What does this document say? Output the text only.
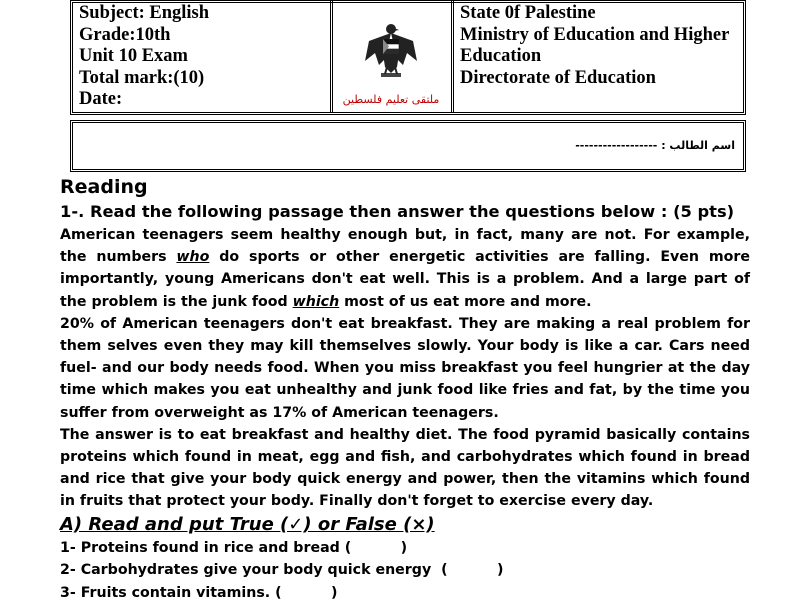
Subject: English
Grade:10th
Unit 10 Exam
Total mark:(10)
Date:	ملتقى تعليم فلسطين
State 0f Palestine
Ministry of Education and Higher
Education
Directorate of Education
اسم الطالب : ------------------
Reading
1-. Read the following passage then answer the questions below : (5 pts)
American teenagers seem healthy enough but, in fact, many are not. For example, the numbers who do sports or other energetic activities are falling. Even more importantly, young Americans don't eat well. This is a problem. And a large part of the problem is the junk food which most of us eat more and more.
20% of American teenagers don't eat breakfast. They are making a real problem for them selves even they may kill themselves slowly. Your body is like a car. Cars need fuel- and our body needs food. When you miss breakfast you feel hungrier at the day time which makes you eat unhealthy and junk food like fries and fat, by the time you suffer from overweight as 17% of American teenagers.
The answer is to eat breakfast and healthy diet. The food pyramid basically contains proteins which found in meat, egg and fish, and carbohydrates which found in bread and rice that give your body quick energy and power, then the vitamins which found in fruits that protect your body. Finally don't forget to exercise every day.
A) Read and put True (✓) or False (×)
1- Proteins found in rice and bread (          )
2- Carbohydrates give your body quick energy  (          )
3- Fruits contain vitamins. (          )
